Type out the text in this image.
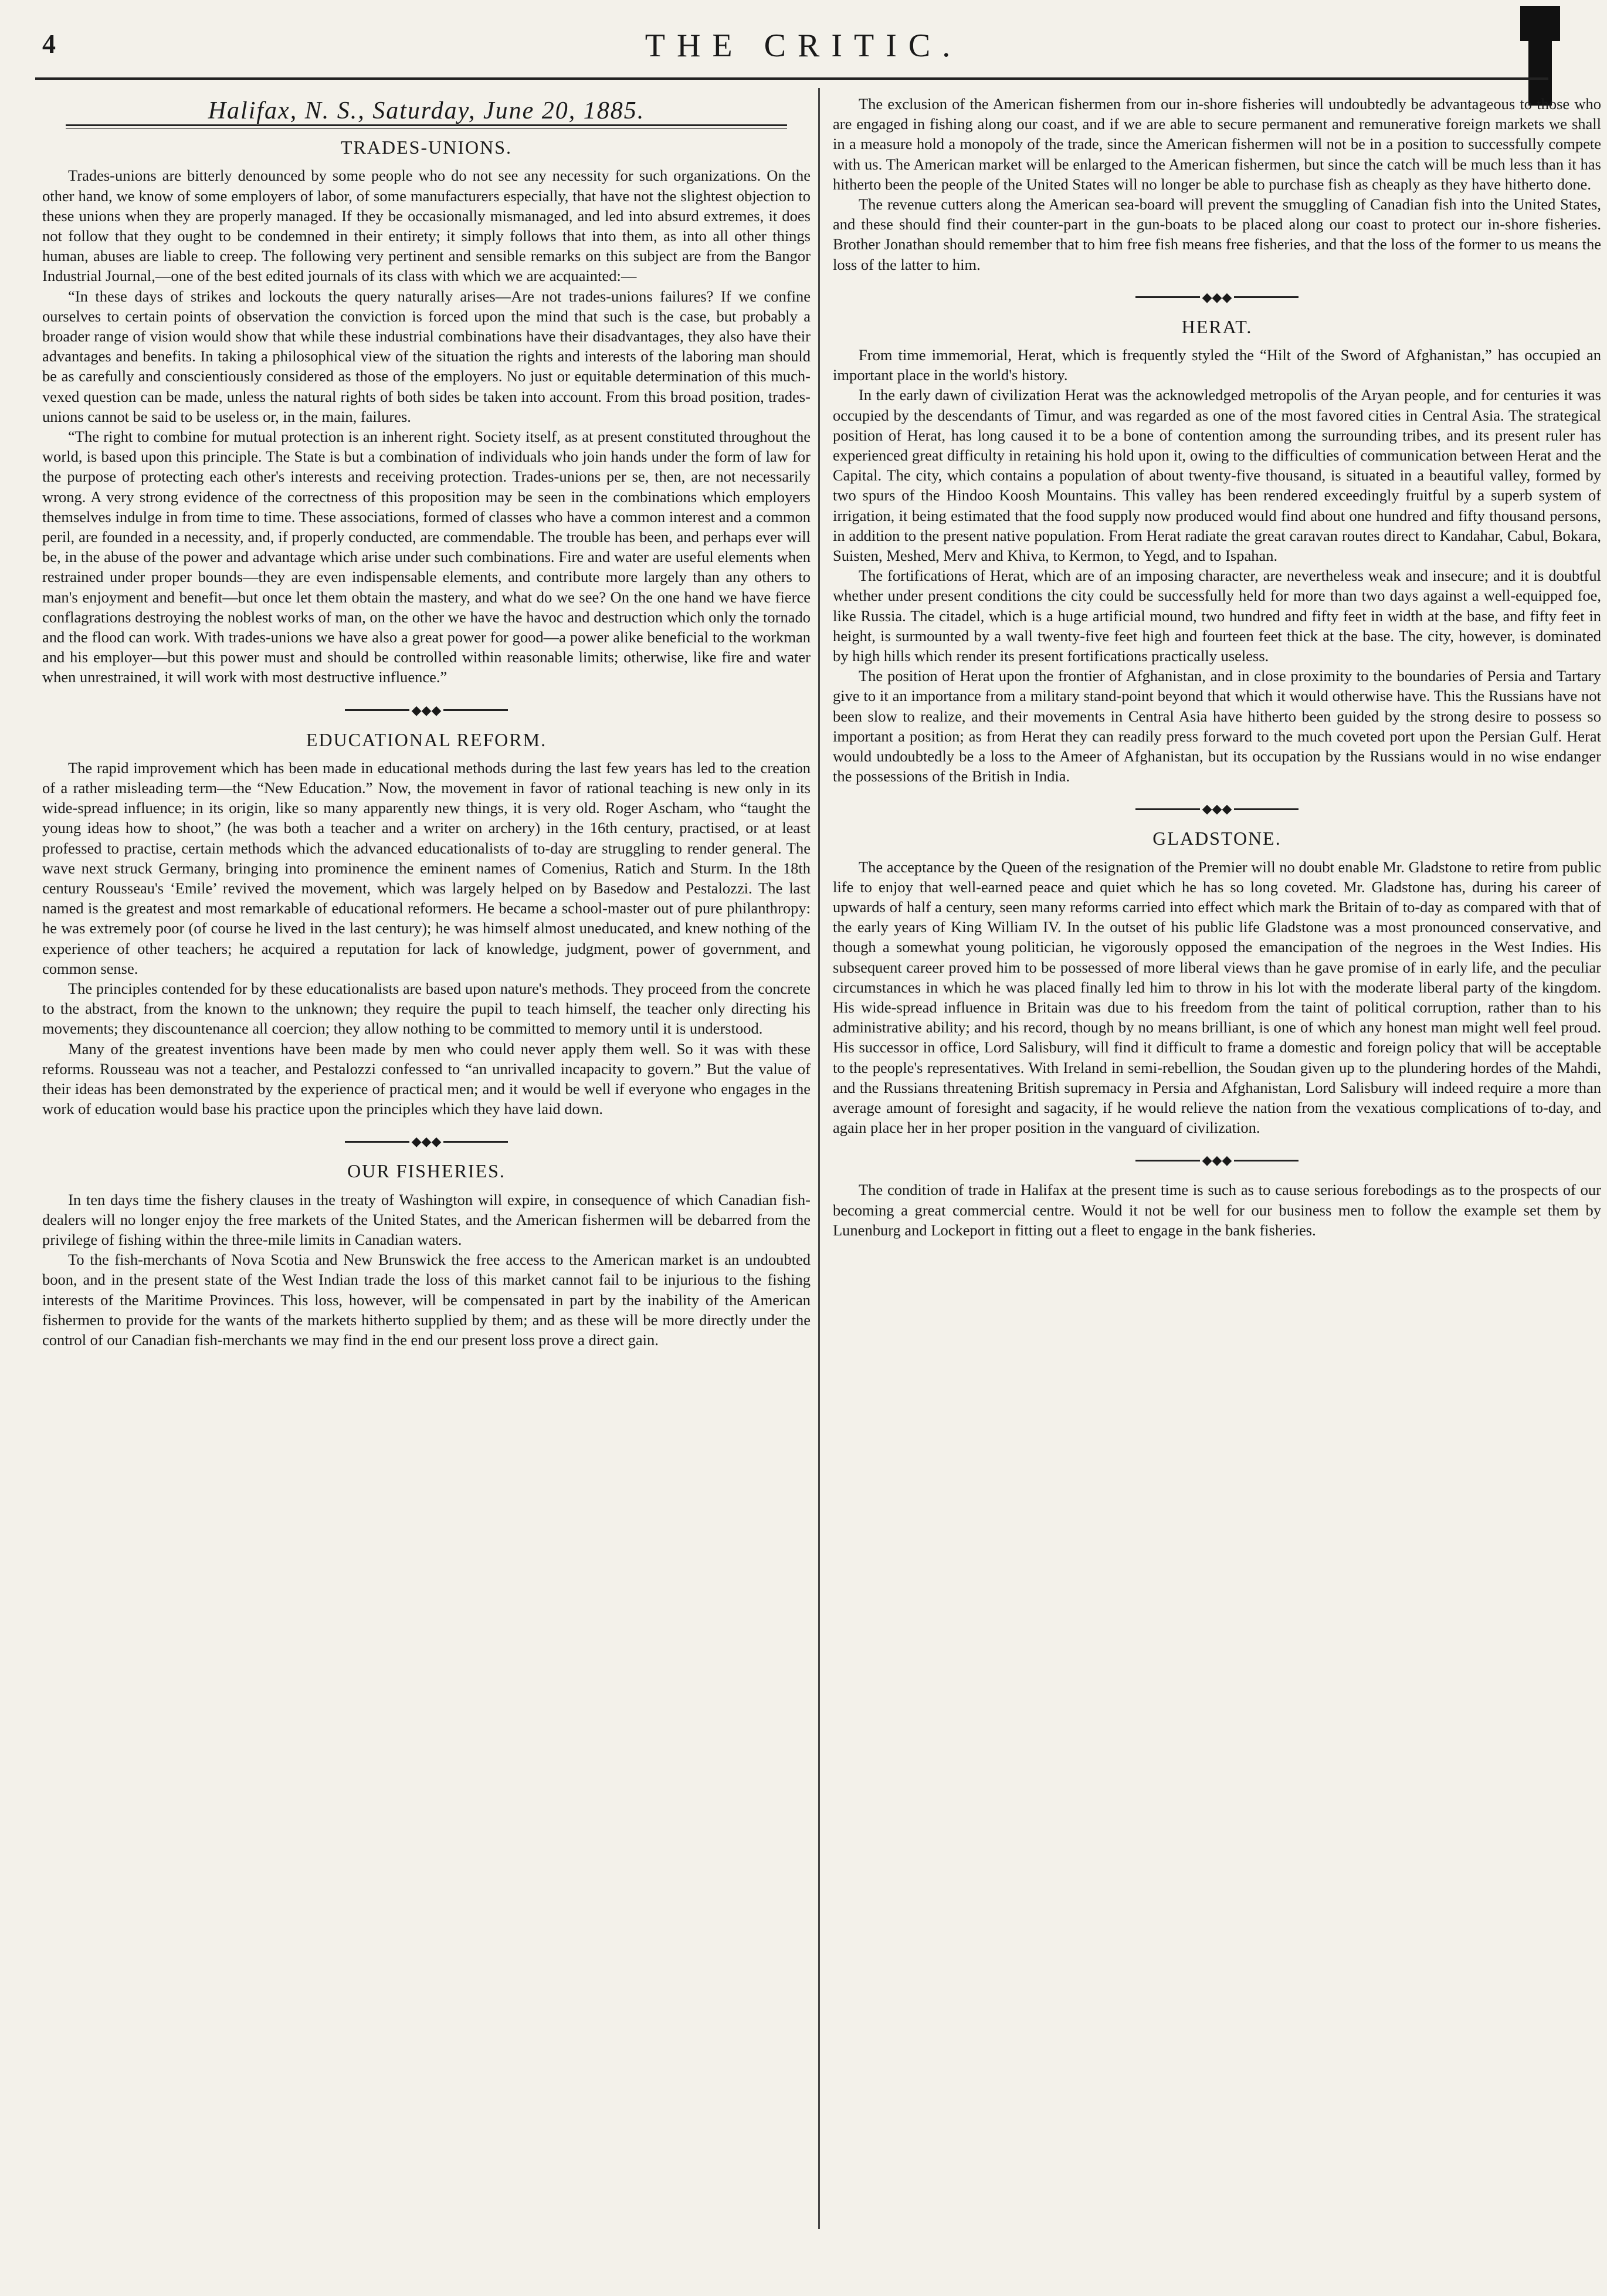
4	THE CRITIC.
Halifax, N. S., Saturday, June 20, 1885.
TRADES-UNIONS.

Trades-unions are bitterly denounced by some people who do not see any necessity for such organizations. On the other hand, we know of some employers of labor, of some manufacturers especially, that have not the slightest objection to these unions when they are properly managed. If they be occasionally mismanaged, and led into absurd extremes, it does not follow that they ought to be condemned in their entirety; it simply follows that into them, as into all other things human, abuses are liable to creep. The following very pertinent and sensible remarks on this subject are from the Bangor Industrial Journal,—one of the best edited journals of its class with which we are acquainted:—

“In these days of strikes and lockouts the query naturally arises—Are not trades-unions failures? If we confine ourselves to certain points of observation the conviction is forced upon the mind that such is the case, but probably a broader range of vision would show that while these industrial combinations have their disadvantages, they also have their advantages and benefits. In taking a philosophical view of the situation the rights and interests of the laboring man should be as carefully and conscientiously considered as those of the employers. No just or equitable determination of this much-vexed question can be made, unless the natural rights of both sides be taken into account. From this broad position, trades-unions cannot be said to be useless or, in the main, failures.

“The right to combine for mutual protection is an inherent right. Society itself, as at present constituted throughout the world, is based upon this principle. The State is but a combination of individuals who join hands under the form of law for the purpose of protecting each other's interests and receiving protection. Trades-unions per se, then, are not necessarily wrong. A very strong evidence of the correctness of this proposition may be seen in the combinations which employers themselves indulge in from time to time. These associations, formed of classes who have a common interest and a common peril, are founded in a necessity, and, if properly conducted, are commendable. The trouble has been, and perhaps ever will be, in the abuse of the power and advantage which arise under such combinations. Fire and water are useful elements when restrained under proper bounds—they are even indispensable elements, and contribute more largely than any others to man's enjoyment and benefit—but once let them obtain the mastery, and what do we see? On the one hand we have fierce conflagrations destroying the noblest works of man, on the other we have the havoc and destruction which only the tornado and the flood can work. With trades-unions we have also a great power for good—a power alike beneficial to the workman and his employer—but this power must and should be controlled within reasonable limits; otherwise, like fire and water when unrestrained, it will work with most destructive influence.”

◆◆◆
EDUCATIONAL REFORM.

The rapid improvement which has been made in educational methods during the last few years has led to the creation of a rather misleading term—the “New Education.” Now, the movement in favor of rational teaching is new only in its wide-spread influence; in its origin, like so many apparently new things, it is very old. Roger Ascham, who “taught the young ideas how to shoot,” (he was both a teacher and a writer on archery) in the 16th century, practised, or at least professed to practise, certain methods which the advanced educationalists of to-day are struggling to render general. The wave next struck Germany, bringing into prominence the eminent names of Comenius, Ratich and Sturm. In the 18th century Rousseau's ‘Emile’ revived the movement, which was largely helped on by Basedow and Pestalozzi. The last named is the greatest and most remarkable of educational reformers. He became a school-master out of pure philanthropy: he was extremely poor (of course he lived in the last century); he was himself almost uneducated, and knew nothing of the experience of other teachers; he acquired a reputation for lack of knowledge, judgment, power of government, and common sense.

The principles contended for by these educationalists are based upon nature's methods. They proceed from the concrete to the abstract, from the known to the unknown; they require the pupil to teach himself, the teacher only directing his movements; they discountenance all coercion; they allow nothing to be committed to memory until it is understood.

Many of the greatest inventions have been made by men who could never apply them well. So it was with these reforms. Rousseau was not a teacher, and Pestalozzi confessed to “an unrivalled incapacity to govern.” But the value of their ideas has been demonstrated by the experience of practical men; and it would be well if everyone who engages in the work of education would base his practice upon the principles which they have laid down.

◆◆◆
OUR FISHERIES.

In ten days time the fishery clauses in the treaty of Washington will expire, in consequence of which Canadian fish-dealers will no longer enjoy the free markets of the United States, and the American fishermen will be debarred from the privilege of fishing within the three-mile limits in Canadian waters.

To the fish-merchants of Nova Scotia and New Brunswick the free access to the American market is an undoubted boon, and in the present state of the West Indian trade the loss of this market cannot fail to be injurious to the fishing interests of the Maritime Provinces. This loss, however, will be compensated in part by the inability of the American fishermen to provide for the wants of the markets hitherto supplied by them; and as these will be more directly under the control of our Canadian fish-merchants we may find in the end our present loss prove a direct gain.

The exclusion of the American fishermen from our in-shore fisheries will undoubtedly be advantageous to those who are engaged in fishing along our coast, and if we are able to secure permanent and remunerative foreign markets we shall in a measure hold a monopoly of the trade, since the American fishermen will not be in a position to successfully compete with us. The American market will be enlarged to the American fishermen, but since the catch will be much less than it has hitherto been the people of the United States will no longer be able to purchase fish as cheaply as they have hitherto done.

The revenue cutters along the American sea-board will prevent the smuggling of Canadian fish into the United States, and these should find their counter-part in the gun-boats to be placed along our coast to protect our in-shore fisheries. Brother Jonathan should remember that to him free fish means free fisheries, and that the loss of the former to us means the loss of the latter to him.

◆◆◆
HERAT.

From time immemorial, Herat, which is frequently styled the “Hilt of the Sword of Afghanistan,” has occupied an important place in the world's history.

In the early dawn of civilization Herat was the acknowledged metropolis of the Aryan people, and for centuries it was occupied by the descendants of Timur, and was regarded as one of the most favored cities in Central Asia. The strategical position of Herat, has long caused it to be a bone of contention among the surrounding tribes, and its present ruler has experienced great difficulty in retaining his hold upon it, owing to the difficulties of communication between Herat and the Capital. The city, which contains a population of about twenty-five thousand, is situated in a beautiful valley, formed by two spurs of the Hindoo Koosh Mountains. This valley has been rendered exceedingly fruitful by a superb system of irrigation, it being estimated that the food supply now produced would find about one hundred and fifty thousand persons, in addition to the present native population. From Herat radiate the great caravan routes direct to Kandahar, Cabul, Bokara, Suisten, Meshed, Merv and Khiva, to Kermon, to Yegd, and to Ispahan.

The fortifications of Herat, which are of an imposing character, are nevertheless weak and insecure; and it is doubtful whether under present conditions the city could be successfully held for more than two days against a well-equipped foe, like Russia. The citadel, which is a huge artificial mound, two hundred and fifty feet in width at the base, and fifty feet in height, is surmounted by a wall twenty-five feet high and fourteen feet thick at the base. The city, however, is dominated by high hills which render its present fortifications practically useless.

The position of Herat upon the frontier of Afghanistan, and in close proximity to the boundaries of Persia and Tartary give to it an importance from a military stand-point beyond that which it would otherwise have. This the Russians have not been slow to realize, and their movements in Central Asia have hitherto been guided by the strong desire to possess so important a position; as from Herat they can readily press forward to the much coveted port upon the Persian Gulf. Herat would undoubtedly be a loss to the Ameer of Afghanistan, but its occupation by the Russians would in no wise endanger the possessions of the British in India.

◆◆◆
GLADSTONE.

The acceptance by the Queen of the resignation of the Premier will no doubt enable Mr. Gladstone to retire from public life to enjoy that well-earned peace and quiet which he has so long coveted. Mr. Gladstone has, during his career of upwards of half a century, seen many reforms carried into effect which mark the Britain of to-day as compared with that of the early years of King William IV. In the outset of his public life Gladstone was a most pronounced conservative, and though a somewhat young politician, he vigorously opposed the emancipation of the negroes in the West Indies. His subsequent career proved him to be possessed of more liberal views than he gave promise of in early life, and the peculiar circumstances in which he was placed finally led him to throw in his lot with the moderate liberal party of the kingdom. His wide-spread influence in Britain was due to his freedom from the taint of political corruption, rather than to his administrative ability; and his record, though by no means brilliant, is one of which any honest man might well feel proud. His successor in office, Lord Salisbury, will find it difficult to frame a domestic and foreign policy that will be acceptable to the people's representatives. With Ireland in semi-rebellion, the Soudan given up to the plundering hordes of the Mahdi, and the Russians threatening British supremacy in Persia and Afghanistan, Lord Salisbury will indeed require a more than average amount of foresight and sagacity, if he would relieve the nation from the vexatious complications of to-day, and again place her in her proper position in the vanguard of civilization.

◆◆◆

The condition of trade in Halifax at the present time is such as to cause serious forebodings as to the prospects of our becoming a great commercial centre. Would it not be well for our business men to follow the example set them by Lunenburg and Lockeport in fitting out a fleet to engage in the bank fisheries.
